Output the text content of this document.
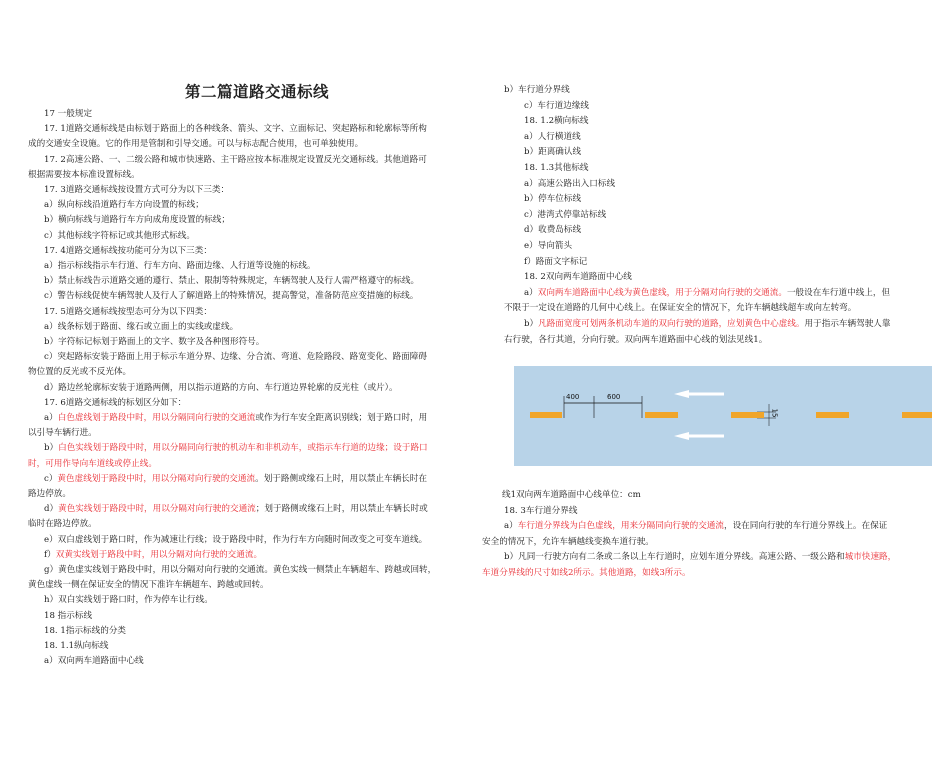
第二篇道路交通标线
17 一般规定
17. 1道路交通标线是由标划于路面上的各种线条、箭头、文字、立面标记、突起路标和轮廓标等所构
成的交通安全设施。它的作用是管制和引导交通。可以与标志配合使用，也可单独使用。
17. 2高速公路、一、二级公路和城市快速路、主干路应按本标准规定设置反光交通标线。其他道路可
根据需要按本标准设置标线。
17. 3道路交通标线按设置方式可分为以下三类：
a）纵向标线沿道路行车方向设置的标线；
b）横向标线与道路行车方向成角度设置的标线；
c）其他标线字符标记或其他形式标线。
17. 4道路交通标线按功能可分为以下三类：
a）指示标线指示车行道、行车方向、路面边缘、人行道等设施的标线。
b）禁止标线告示道路交通的遵行、禁止、限制等特殊规定，车辆驾驶人及行人需严格遵守的标线。
c）警告标线促使车辆驾驶人及行人了解道路上的特殊情况，提高警觉，准备防范应变措施的标线。
17. 5道路交通标线按型态可分为以下四类：
a）线条标划于路面、缘石或立面上的实线或虚线。
b）字符标记标划于路面上的文字、数字及各种图形符号。
c）突起路标安装于路面上用于标示车道分界、边缘、分合流、弯道、危险路段、路宽变化、路面障碍
物位置的反光或不反光体。
d）路边丝轮廓标安装于道路两侧，用以指示道路的方向、车行道边界轮廓的反光柱（或片）。
17. 6道路交通标线的标划区分如下：
a）白色虚线划于路段中时，用以分隔同向行驶的交通流或作为行车安全距离识别线；划于路口时，用
以引导车辆行进。
b）白色实线划于路段中时，用以分隔同向行驶的机动车和非机动车，或指示车行道的边缘；设于路口
时，可用作导向车道线或停止线。
c）黄色虚线划于路段中时，用以分隔对向行驶的交通流。划于路侧或缘石上时，用以禁止车辆长时在
路边停放。
d）黄色实线划于路段中时，用以分隔对向行驶的交通流；划于路侧或缘石上时，用以禁止车辆长时或
临时在路边停放。
e）双白虚线划于路口时，作为减速让行线；设于路段中时，作为行车方向随时间改变之可变车道线。
f）双黄实线划于路段中时，用以分隔对向行驶的交通流。
g）黄色虚实线划于路段中时，用以分隔对向行驶的交通流。黄色实线一侧禁止车辆超车、跨越或回转，
黄色虚线一侧在保证安全的情况下准许车辆超车、跨越或回转。
h）双白实线划于路口时，作为停车让行线。
18 指示标线
18. 1指示标线的分类
18. 1.1纵向标线
a）双向两车道路面中心线
b）车行道分界线
c）车行道边缘线
18. 1.2横向标线
a）人行横道线
b）距离确认线
18. 1.3其他标线
a）高速公路出入口标线
b）停车位标线
c）港湾式停靠站标线
d）收费岛标线
e）导向箭头
f）路面文字标记
18. 2双向两车道路面中心线
a）双向两车道路面中心线为黄色虚线，用于分隔对向行驶的交通流。一般设在车行道中线上，但
不限于一定设在道路的几何中心线上。在保证安全的情况下，允许车辆越线超车或向左转弯。
b）凡路面宽度可划两条机动车道的双向行驶的道路，应划黄色中心虚线。用于指示车辆驾驶人靠
右行驶，各行其道，分向行驶。双向两车道路面中心线的划法见线1。
400	600
15
线1双向两车道路面中心线单位：cm
18. 3车行道分界线
a）车行道分界线为白色虚线，用来分隔同向行驶的交通流，设在同向行驶的车行道分界线上。在保证
安全的情况下，允许车辆越线变换车道行驶。
b）凡同一行驶方向有二条或二条以上车行道时，应划车道分界线。高速公路、一级公路和城市快速路，
车道分界线的尺寸如线2所示。其他道路，如线3所示。
